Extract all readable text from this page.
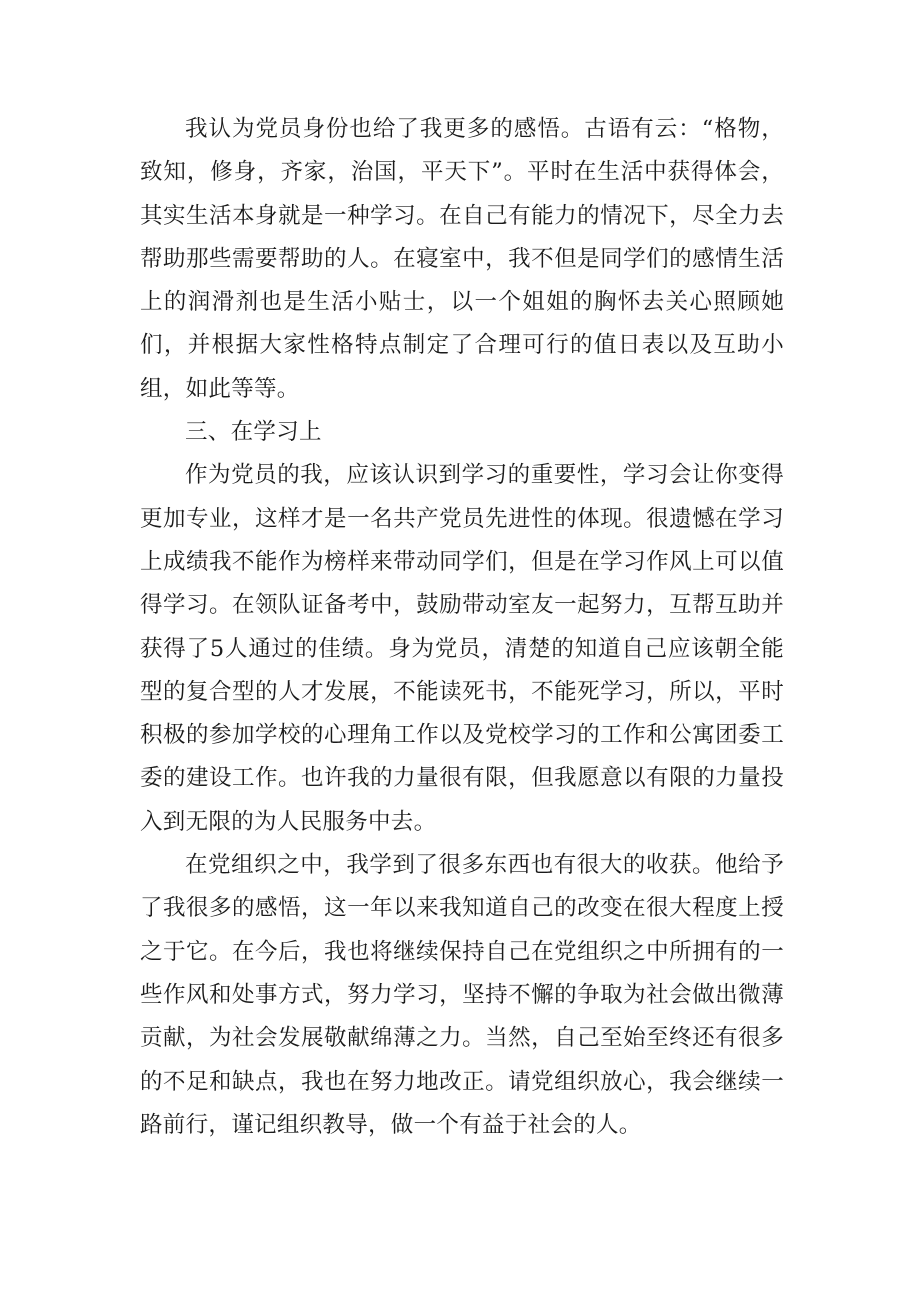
我认为党员身份也给了我更多的感悟。古语有云：“格物，致知，修身，齐家，治国，平天下”。平时在生活中获得体会，其实生活本身就是一种学习。在自己有能力的情况下，尽全力去帮助那些需要帮助的人。在寝室中，我不但是同学们的感情生活上的润滑剂也是生活小贴士，以一个姐姐的胸怀去关心照顾她们，并根据大家性格特点制定了合理可行的值日表以及互助小组，如此等等。

三、在学习上

作为党员的我，应该认识到学习的重要性，学习会让你变得更加专业，这样才是一名共产党员先进性的体现。很遗憾在学习上成绩我不能作为榜样来带动同学们，但是在学习作风上可以值得学习。在领队证备考中，鼓励带动室友一起努力，互帮互助并获得了5人通过的佳绩。身为党员，清楚的知道自己应该朝全能型的复合型的人才发展，不能读死书，不能死学习，所以，平时积极的参加学校的心理角工作以及党校学习的工作和公寓团委工委的建设工作。也许我的力量很有限，但我愿意以有限的力量投入到无限的为人民服务中去。

在党组织之中，我学到了很多东西也有很大的收获。他给予了我很多的感悟，这一年以来我知道自己的改变在很大程度上授之于它。在今后，我也将继续保持自己在党组织之中所拥有的一些作风和处事方式，努力学习，坚持不懈的争取为社会做出微薄贡献，为社会发展敬献绵薄之力。当然，自己至始至终还有很多的不足和缺点，我也在努力地改正。请党组织放心，我会继续一路前行，谨记组织教导，做一个有益于社会的人。
